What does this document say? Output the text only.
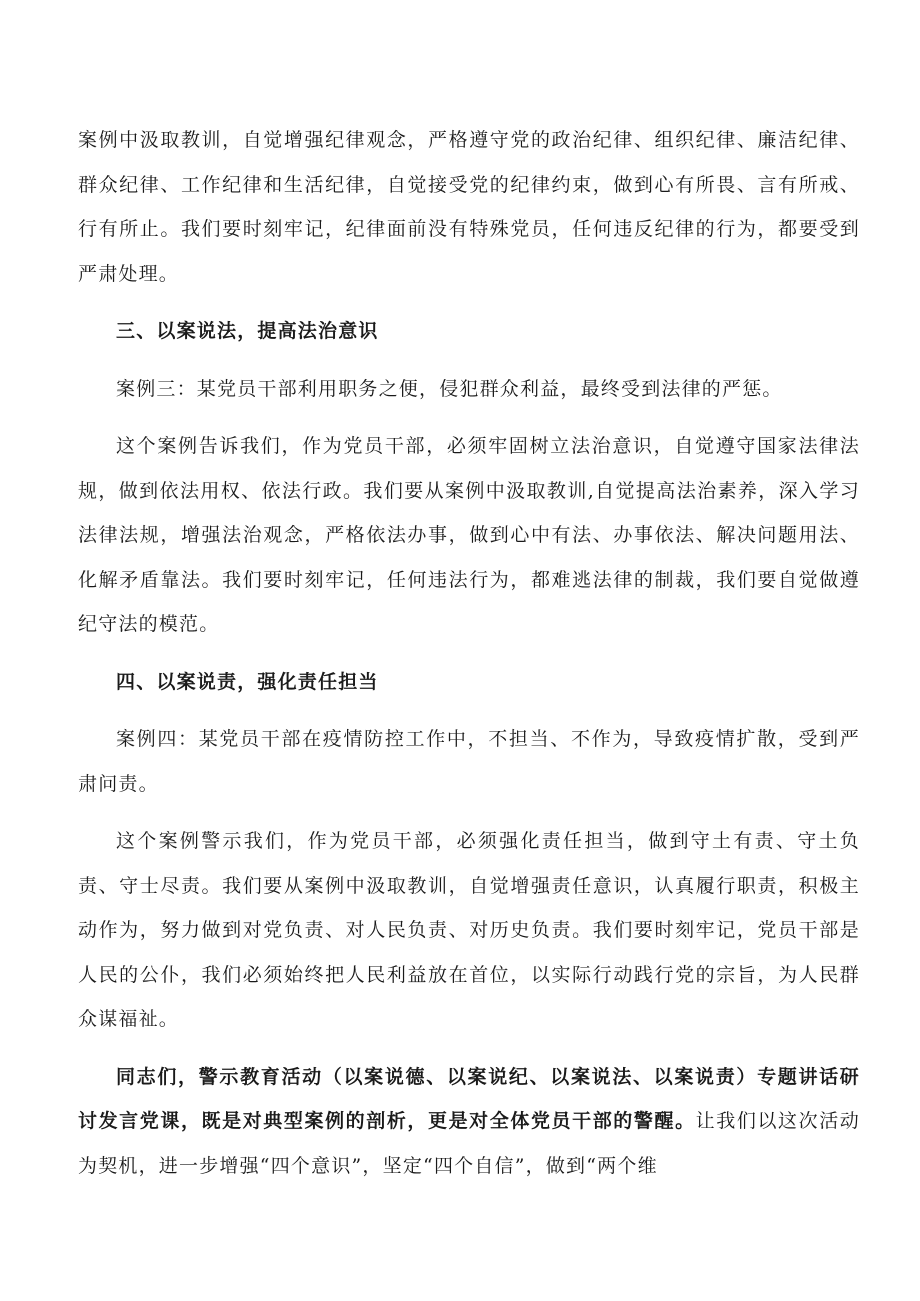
案例中汲取教训，自觉增强纪律观念，严格遵守党的政治纪律、组织纪律、廉洁纪律、群众纪律、工作纪律和生活纪律，自觉接受党的纪律约束，做到心有所畏、言有所戒、行有所止。我们要时刻牢记，纪律面前没有特殊党员，任何违反纪律的行为，都要受到严肃处理。

三、以案说法，提高法治意识

案例三：某党员干部利用职务之便，侵犯群众利益，最终受到法律的严惩。

这个案例告诉我们，作为党员干部，必须牢固树立法治意识，自觉遵守国家法律法规，做到依法用权、依法行政。我们要从案例中汲取教训,自觉提高法治素养，深入学习法律法规，增强法治观念，严格依法办事，做到心中有法、办事依法、解决问题用法、化解矛盾靠法。我们要时刻牢记，任何违法行为，都难逃法律的制裁，我们要自觉做遵纪守法的模范。

四、以案说责，强化责任担当

案例四：某党员干部在疫情防控工作中，不担当、不作为，导致疫情扩散，受到严肃问责。

这个案例警示我们，作为党员干部，必须强化责任担当，做到守土有责、守土负责、守士尽责。我们要从案例中汲取教训，自觉增强责任意识，认真履行职责，积极主动作为，努力做到对党负责、对人民负责、对历史负责。我们要时刻牢记，党员干部是人民的公仆，我们必须始终把人民利益放在首位，以实际行动践行党的宗旨，为人民群众谋福祉。

同志们，警示教育活动（以案说德、以案说纪、以案说法、以案说责）专题讲话研讨发言党课，既是对典型案例的剖析，更是对全体党员干部的警醒。让我们以这次活动为契机，进一步增强“四个意识”，坚定“四个自信”，做到“两个维
